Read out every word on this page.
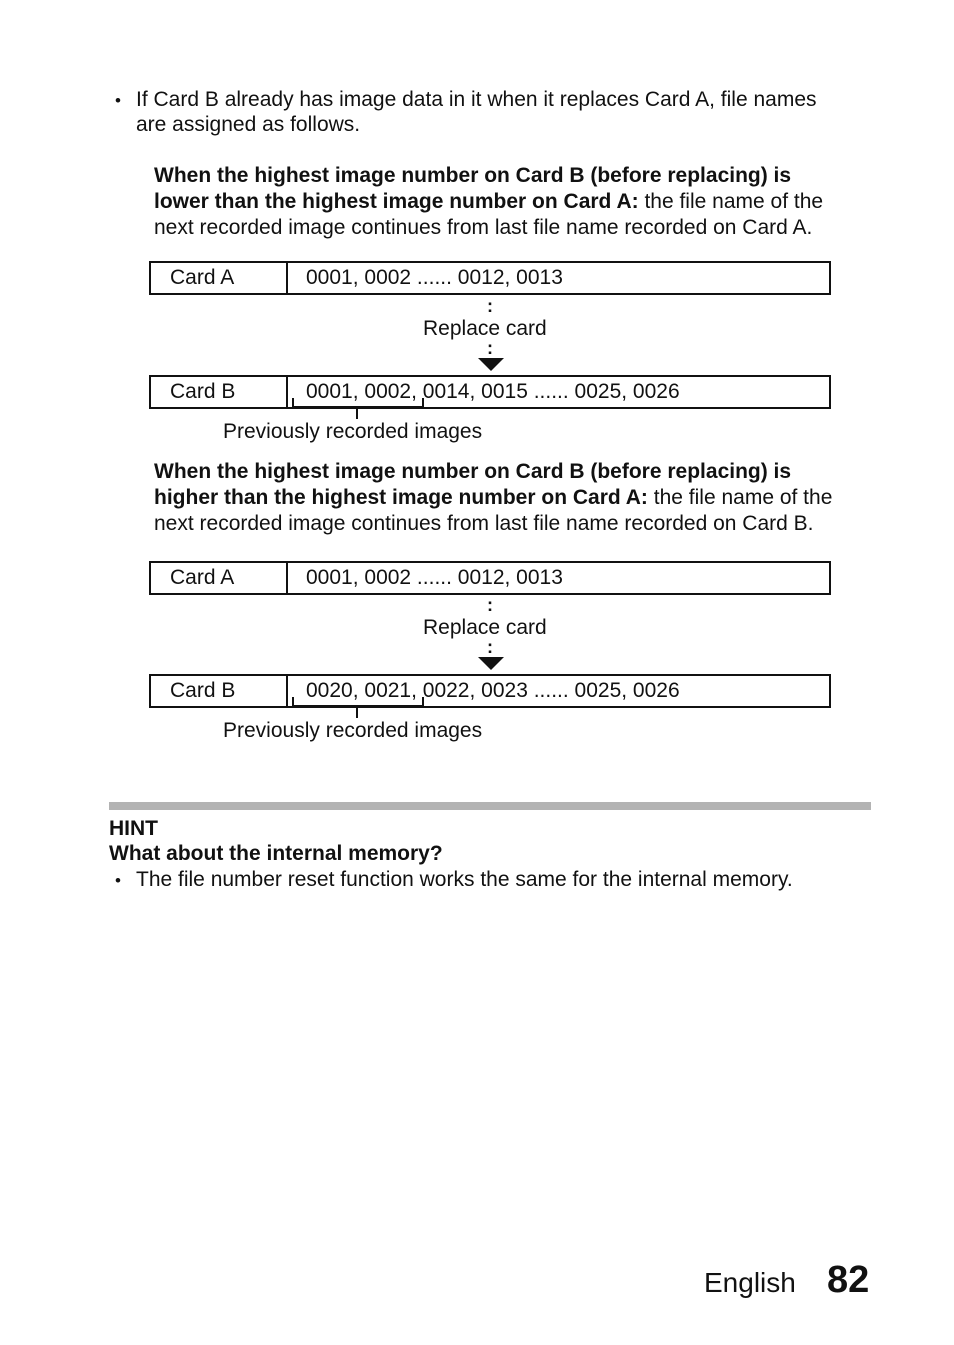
• If Card B already has image data in it when it replaces Card A, file names
are assigned as follows.
When the highest image number on Card B (before replacing) is
lower than the highest image number on Card A: the file name of the
next recorded image continues from last file name recorded on Card A.
Card A	0001, 0002 ...... 0012, 0013
:
Replace card
:
Card B	0001, 0002, 0014, 0015 ...... 0025, 0026
Previously recorded images
When the highest image number on Card B (before replacing) is
higher than the highest image number on Card A: the file name of the
next recorded image continues from last file name recorded on Card B.
Card A	0001, 0002 ...... 0012, 0013
:
Replace card
:
Card B	0020, 0021, 0022, 0023 ...... 0025, 0026
Previously recorded images
HINT
What about the internal memory?
• The file number reset function works the same for the internal memory.
English 82
